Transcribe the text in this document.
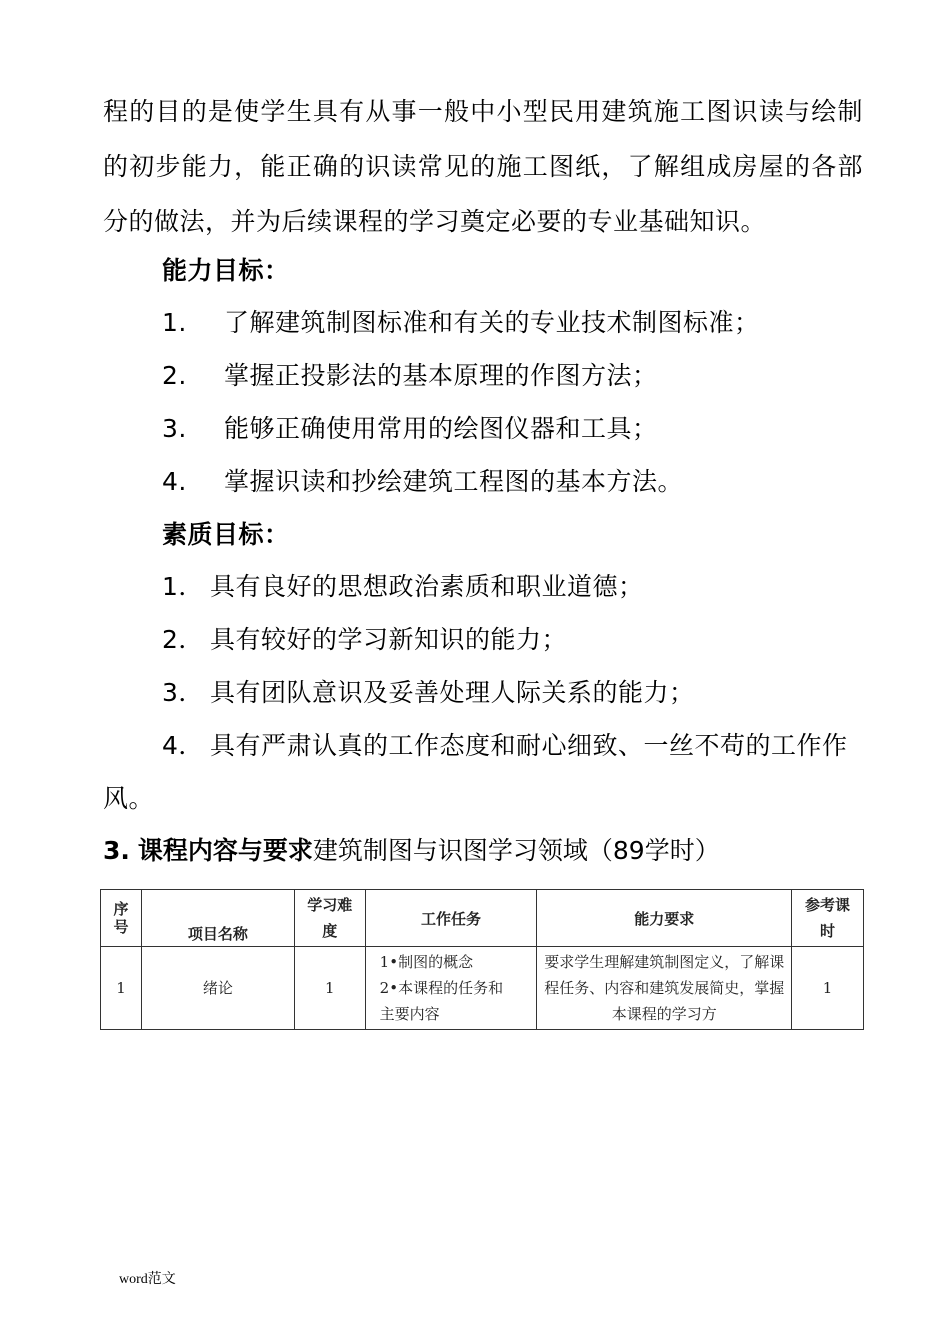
程的目的是使学生具有从事一般中小型民用建筑施工图识读与绘制
的初步能力，能正确的识读常见的施工图纸，了解组成房屋的各部
分的做法，并为后续课程的学习奠定必要的专业基础知识。
能力目标：
1. 了解建筑制图标准和有关的专业技术制图标准；
2. 掌握正投影法的基本原理的作图方法；
3. 能够正确使用常用的绘图仪器和工具；
4. 掌握识读和抄绘建筑工程图的基本方法。
素质目标：
1． 具有良好的思想政治素质和职业道德；
2． 具有较好的学习新知识的能力；
3． 具有团队意识及妥善处理人际关系的能力；
4． 具有严肃认真的工作态度和耐心细致、一丝不苟的工作作
风。
3. 课程内容与要求建筑制图与识图学习领域（89学时）
序号	项目名称	学习难度	工作任务	能力要求	参考课时
1	绪论	1	1•制图的概念
2•本课程的任务和
主要内容	要求学生理解建筑制图定义，了解课程任务、内容和建筑发展简史，掌握本课程的学习方	1
word范文
